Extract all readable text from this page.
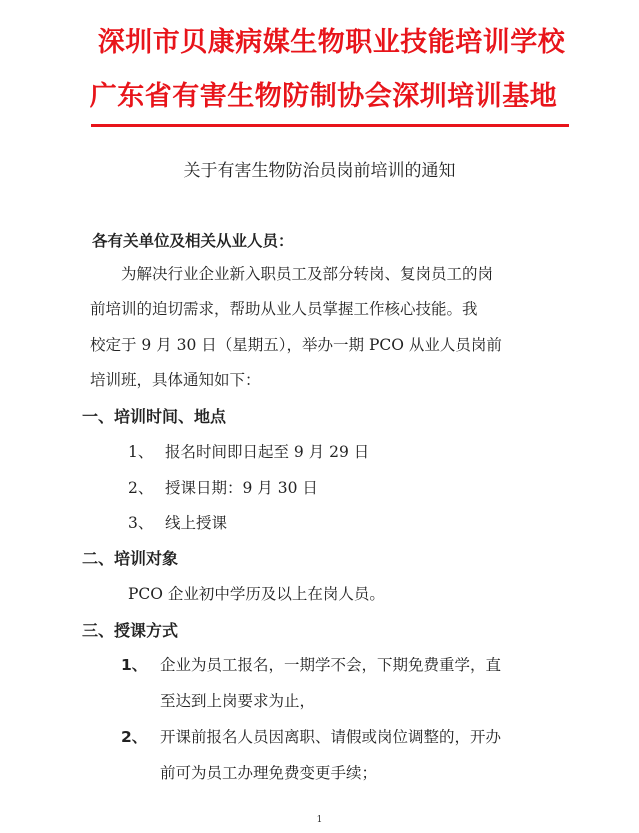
深圳市贝康病媒生物职业技能培训学校
广东省有害生物防制协会深圳培训基地
关于有害生物防治员岗前培训的通知
各有关单位及相关从业人员：
为解决行业企业新入职员工及部分转岗、复岗员工的岗
前培训的迫切需求，帮助从业人员掌握工作核心技能。我
校定于 9 月 30 日（星期五），举办一期 PCO 从业人员岗前
培训班，具体通知如下：
一、培训时间、地点
1、 报名时间即日起至 9 月 29 日
2、 授课日期：9 月 30 日
3、 线上授课
二、培训对象
PCO 企业初中学历及以上在岗人员。
三、授课方式
1、 企业为员工报名，一期学不会，下期免费重学，直
至达到上岗要求为止，
2、 开课前报名人员因离职、请假或岗位调整的，开办
前可为员工办理免费变更手续；
1
